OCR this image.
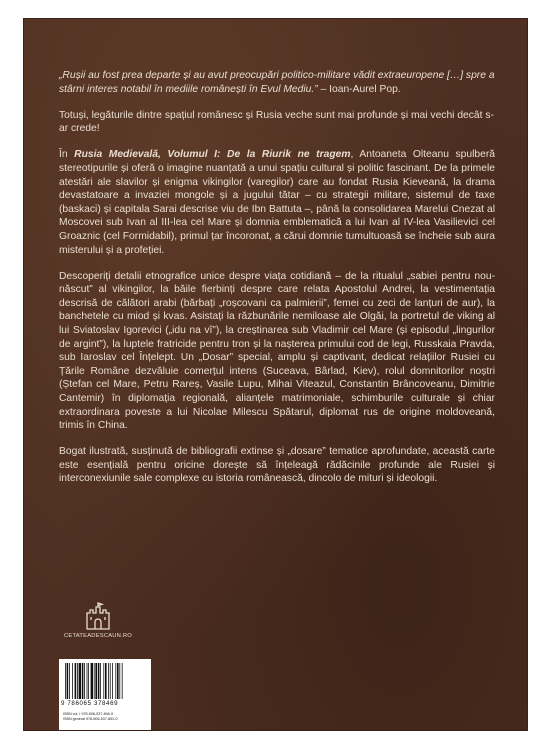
„Rușii au fost prea departe și au avut preocupări politico-militare vădit extraeuropene […] spre a stârni interes notabil în mediile românești în Evul Mediu.” – Ioan-Aurel Pop.

Totuși, legăturile dintre spațiul românesc și Rusia veche sunt mai profunde și mai vechi decât s-ar crede!

În Rusia Medievală, Volumul I: De la Riurik ne tragem, Antoaneta Olteanu spulberă stereotipurile și oferă o imagine nuanțată a unui spațiu cultural și politic fascinant. De la primele atestări ale slavilor și enigma vikingilor (varegilor) care au fondat Rusia Kieveană, la drama devastatoare a invaziei mongole și a jugului tătar – cu strategii militare, sistemul de taxe (baskaci) și capitala Sarai descrise viu de Ibn Battuta –, până la consolidarea Marelui Cnezat al Moscovei sub Ivan al III-lea cel Mare și domnia emblematică a lui Ivan al IV-lea Vasilievici cel Groaznic (cel Formidabil), primul țar încoronat, a cărui domnie tumultuoasă se încheie sub aura misterului și a profeției.

Descoperiți detalii etnografice unice despre viața cotidiană – de la ritualul „sabiei pentru nou-născut” al vikingilor, la băile fierbinți despre care relata Apostolul Andrei, la vestimentația descrisă de călători arabi (bărbați „roșcovani ca palmierii”, femei cu zeci de lanțuri de aur), la banchetele cu miod și kvas. Asistați la răzbunările nemiloase ale Olgăi, la portretul de viking al lui Sviatoslav Igorevici („idu na vî”), la creștinarea sub Vladimir cel Mare (și episodul „lingurilor de argint”), la luptele fratricide pentru tron și la nașterea primului cod de legi, Russkaia Pravda, sub Iaroslav cel Înțelept. Un „Dosar” special, amplu și captivant, dedicat relațiilor Rusiei cu Țările Române dezvăluie comerțul intens (Suceava, Bârlad, Kiev), rolul domnitorilor noștri (Ștefan cel Mare, Petru Rareș, Vasile Lupu, Mihai Viteazul, Constantin Brâncoveanu, Dimitrie Cantemir) în diplomația regională, alianțele matrimoniale, schimburile culturale și chiar extraordinara poveste a lui Nicolae Milescu Spătarul, diplomat rus de origine moldoveană, trimis în China.

Bogat ilustrată, susținută de bibliografii extinse și „dosare” tematice aprofundate, această carte este esențială pentru oricine dorește să înțeleagă rădăcinile profunde ale Rusiei și interconexiunile sale complexe cu istoria românească, dincolo de mituri și ideologii.

CETATEADESCAUN.RO
9 786065 378469
ISBN vol. I 978-606-537-846-9
ISBN general 978-606-537-852-0
